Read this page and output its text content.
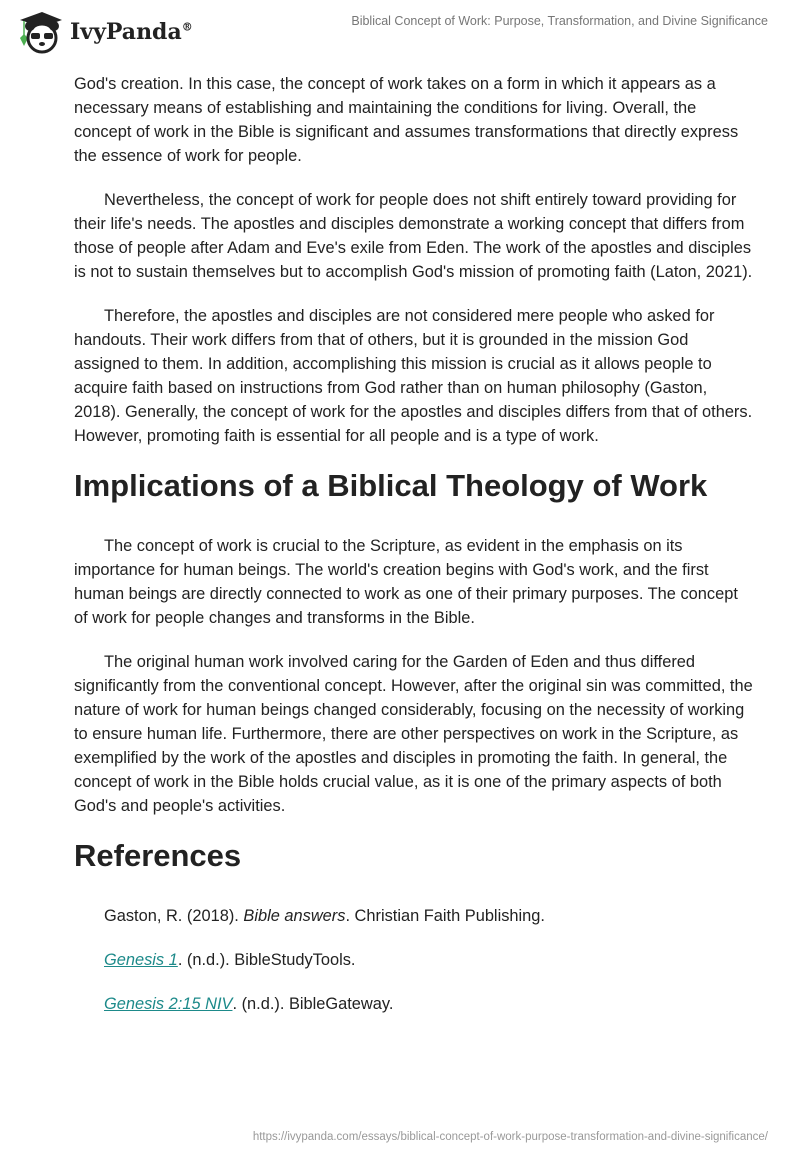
IvyPanda®	Biblical Concept of Work: Purpose, Transformation, and Divine Significance

God's creation. In this case, the concept of work takes on a form in which it appears as a necessary means of establishing and maintaining the conditions for living. Overall, the concept of work in the Bible is significant and assumes transformations that directly express the essence of work for people.

Nevertheless, the concept of work for people does not shift entirely toward providing for their life's needs. The apostles and disciples demonstrate a working concept that differs from those of people after Adam and Eve's exile from Eden. The work of the apostles and disciples is not to sustain themselves but to accomplish God's mission of promoting faith (Laton, 2021).

Therefore, the apostles and disciples are not considered mere people who asked for handouts. Their work differs from that of others, but it is grounded in the mission God assigned to them. In addition, accomplishing this mission is crucial as it allows people to acquire faith based on instructions from God rather than on human philosophy (Gaston, 2018). Generally, the concept of work for the apostles and disciples differs from that of others. However, promoting faith is essential for all people and is a type of work.

Implications of a Biblical Theology of Work

The concept of work is crucial to the Scripture, as evident in the emphasis on its importance for human beings. The world's creation begins with God's work, and the first human beings are directly connected to work as one of their primary purposes. The concept of work for people changes and transforms in the Bible.

The original human work involved caring for the Garden of Eden and thus differed significantly from the conventional concept. However, after the original sin was committed, the nature of work for human beings changed considerably, focusing on the necessity of working to ensure human life. Furthermore, there are other perspectives on work in the Scripture, as exemplified by the work of the apostles and disciples in promoting the faith. In general, the concept of work in the Bible holds crucial value, as it is one of the primary aspects of both God's and people's activities.

References

Gaston, R. (2018). Bible answers. Christian Faith Publishing.

Genesis 1. (n.d.). BibleStudyTools.

Genesis 2:15 NIV. (n.d.). BibleGateway.

https://ivypanda.com/essays/biblical-concept-of-work-purpose-transformation-and-divine-significance/
